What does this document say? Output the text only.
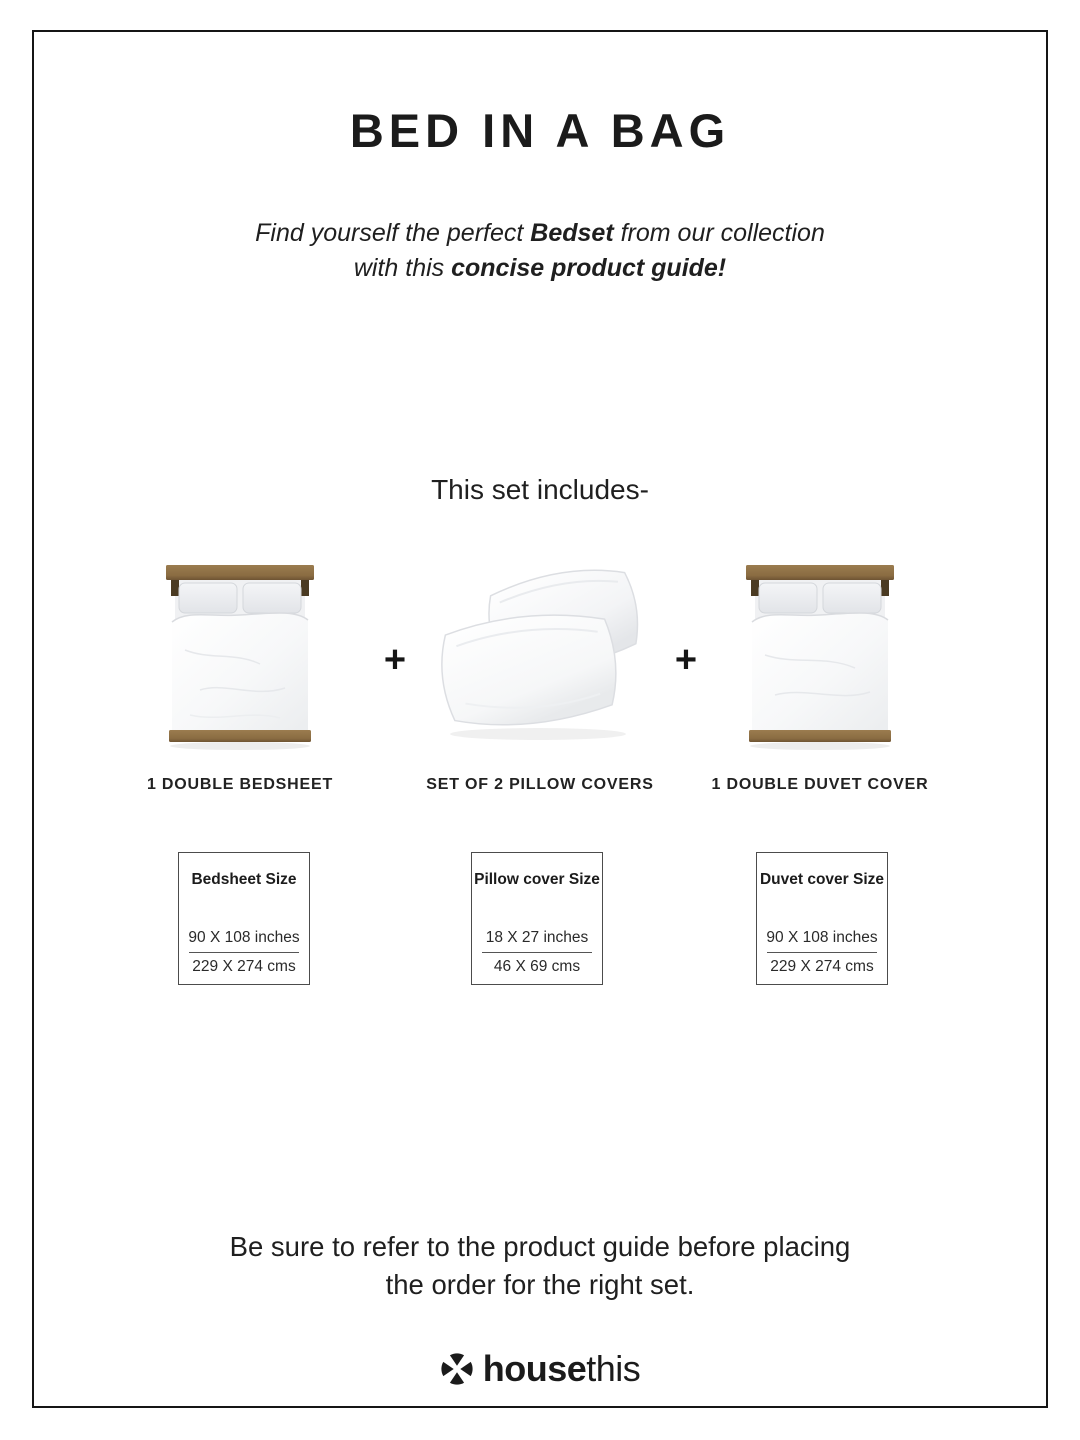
BED IN A BAG
Find yourself the perfect Bedset from our collection
with this concise product guide!
This set includes-
+	+
1 DOUBLE BEDSHEET	SET OF 2 PILLOW COVERS	1 DOUBLE DUVET COVER
Bedsheet Size
90 X 108 inches
229 X 274 cms
Pillow cover Size
18 X 27 inches
46 X 69 cms
Duvet cover Size
90 X 108 inches
229 X 274 cms
Be sure to refer to the product guide before placing
the order for the right set.
housethis
